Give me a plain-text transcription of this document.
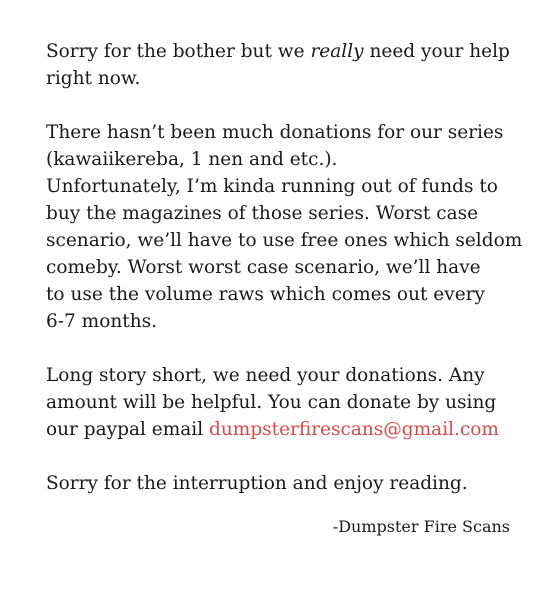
Sorry for the bother but we really need your help
right now.

There hasn’t been much donations for our series
(kawaiikereba, 1 nen and etc.).
Unfortunately, I’m kinda running out of funds to
buy the magazines of those series. Worst case
scenario, we’ll have to use free ones which seldom
comeby. Worst worst case scenario, we’ll have
to use the volume raws which comes out every
6-7 months.

Long story short, we need your donations. Any
amount will be helpful. You can donate by using
our paypal email dumpsterfirescans@gmail.com

Sorry for the interruption and enjoy reading.

-Dumpster Fire Scans
